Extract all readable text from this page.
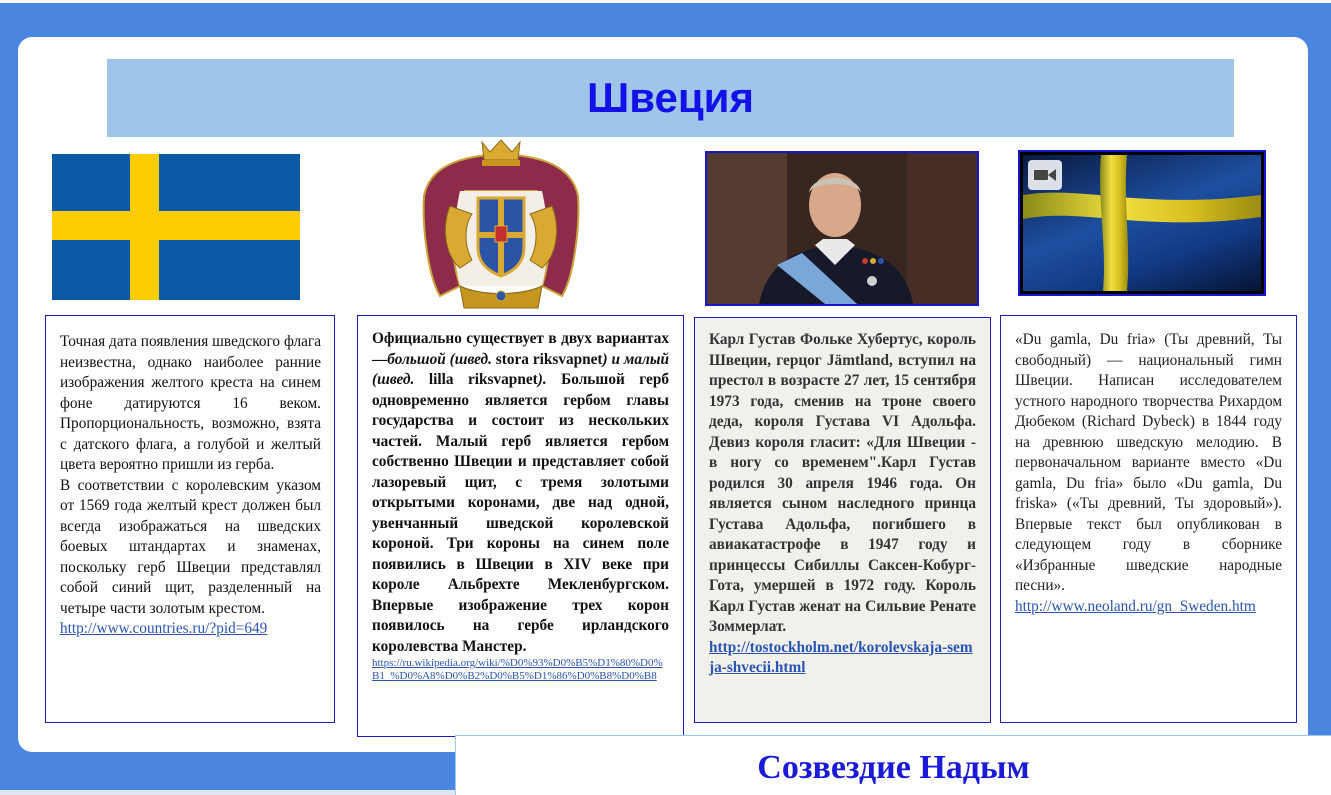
Швеция

Точная дата появления шведского флага неизвестна, однако наиболее ранние изображения желтого креста на синем фоне датируются 16 веком. Пропорциональность, возможно, взята с датского флага, а голубой и желтый цвета вероятно пришли из герба.

В соответствии с королевским указом от 1569 года желтый крест должен был всегда изображаться на шведских боевых штандартах и знаменах, поскольку герб Швеции представлял собой синий щит, разделенный на четыре части золотым крестом.

http://www.countries.ru/?pid=649

Официально существует в двух вариантах —большой (швед. stora riksvapnet) и малый (швед. lilla riksvapnet). Большой герб одновременно является гербом главы государства и состоит из нескольких частей. Малый герб является гербом собственно Швеции и представляет собой лазоревый щит, с тремя золотыми открытыми коронами, две над одной, увенчанный шведской королевской короной. Три короны на синем поле появились в Швеции в XIV веке при короле Альбрехте Мекленбургском. Впервые изображение трех корон появилось на гербе ирландского королевства Манстер.

https://ru.wikipedia.org/wiki/%D0%93%D0%B5%D1%80%D0%B1_%D0%A8%D0%B2%D0%B5%D1%86%D0%B8%D0%B8

Карл Густав Фольке Хубертус, король Швеции, герцог Jämtland, вступил на престол в возрасте 27 лет, 15 сентября 1973 года, сменив на троне своего деда, короля Густава VI Адольфа. Девиз короля гласит: «Для Швеции - в ногу со временем".Карл Густав родился 30 апреля 1946 года. Он является сыном наследного принца Густава Адольфа, погибшего в авиакатастрофе в 1947 году и принцессы Сибиллы Саксен-Кобург-Гота, умершей в 1972 году. Король Карл Густав женат на Сильвие Ренате Зоммерлат.

http://tostockholm.net/korolevskaja-semja-shvecii.html

«Du gamla, Du fria» (Ты древний, Ты свободный) — национальный гимн Швеции. Написан исследователем устного народного творчества Рихардом Дюбеком (Richard Dybeck) в 1844 году на древнюю шведскую мелодию. В первоначальном варианте вместо «Du gamla, Du fria» было «Du gamla, Du friska» («Ты древний, Ты здоровый»). Впервые текст был опубликован в следующем году в сборнике «Избранные шведские народные песни».

http://www.neoland.ru/gn_Sweden.htm
Созвездие Надым
